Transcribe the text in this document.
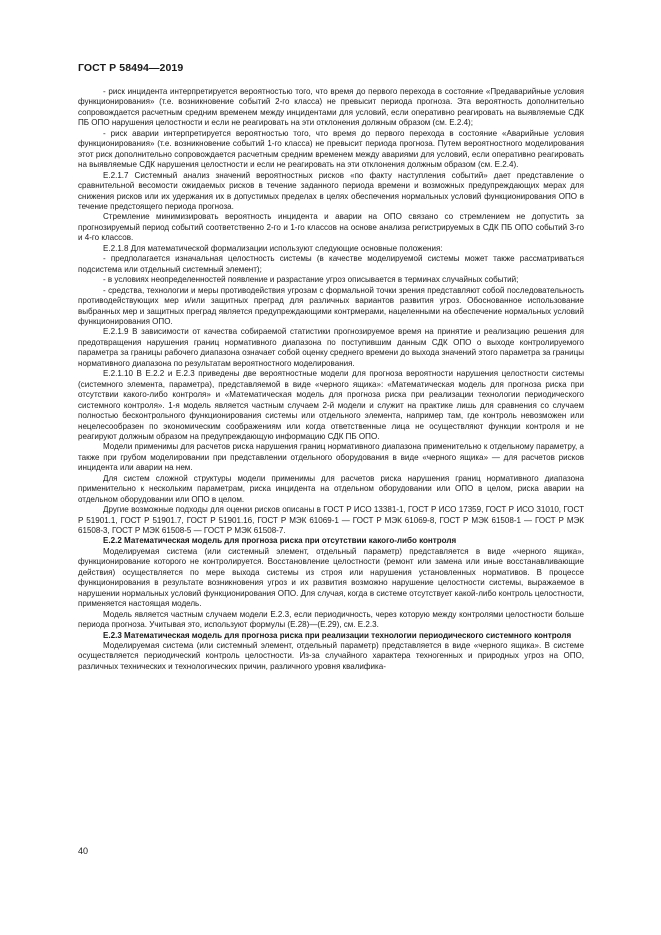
ГОСТ Р 58494—2019

- риск инцидента интерпретируется вероятностью того, что время до первого перехода в состояние «Предаварийные условия функционирования» (т.е. возникновение событий 2-го класса) не превысит периода прогноза. Эта вероятность дополнительно сопровождается расчетным средним временем между инцидентами для условий, если оперативно реагировать на выявляемые СДК ПБ ОПО нарушения целостности и если не реагировать на эти отклонения должным образом (см. Е.2.4);

- риск аварии интерпретируется вероятностью того, что время до первого перехода в состояние «Аварийные условия функционирования» (т.е. возникновение событий 1-го класса) не превысит периода прогноза. Путем вероятностного моделирования этот риск дополнительно сопровождается расчетным средним временем между авариями для условий, если оперативно реагировать на выявляемые СДК нарушения целостности и если не реагировать на эти отклонения должным образом (см. Е.2.4).

Е.2.1.7 Системный анализ значений вероятностных рисков «по факту наступления событий» дает представление о сравнительной весомости ожидаемых рисков в течение заданного периода времени и возможных предупреждающих мерах для снижения рисков или их удержания их в допустимых пределах в целях обеспечения нормальных условий функционирования ОПО в течение предстоящего периода прогноза.

Стремление минимизировать вероятность инцидента и аварии на ОПО связано со стремлением не допустить за прогнозируемый период событий соответственно 2-го и 1-го классов на основе анализа регистрируемых в СДК ПБ ОПО событий 3-го и 4-го классов.

Е.2.1.8 Для математической формализации используют следующие основные положения:

- предполагается изначальная целостность системы (в качестве моделируемой системы может также рассматриваться подсистема или отдельный системный элемент);

- в условиях неопределенностей появление и разрастание угроз описывается в терминах случайных событий;

- средства, технологии и меры противодействия угрозам с формальной точки зрения представляют собой последовательность противодействующих мер и/или защитных преград для различных вариантов развития угроз. Обоснованное использование выбранных мер и защитных преград является предупреждающими контрмерами, нацеленными на обеспечение нормальных условий функционирования ОПО.

Е.2.1.9 В зависимости от качества собираемой статистики прогнозируемое время на принятие и реализацию решения для предотвращения нарушения границ нормативного диапазона по поступившим данным СДК ОПО о выходе контролируемого параметра за границы рабочего диапазона означает собой оценку среднего времени до выхода значений этого параметра за границы нормативного диапазона по результатам вероятностного моделирования.

Е.2.1.10 В Е.2.2 и Е.2.3 приведены две вероятностные модели для прогноза вероятности нарушения целостности системы (системного элемента, параметра), представляемой в виде «черного ящика»: «Математическая модель для прогноза риска при отсутствии какого-либо контроля» и «Математическая модель для прогноза риска при реализации технологии периодического системного контроля». 1-я модель является частным случаем 2-й модели и служит на практике лишь для сравнения со случаем полностью бесконтрольного функционирования системы или отдельного элемента, например там, где контроль невозможен или нецелесообразен по экономическим соображениям или когда ответственные лица не осуществляют функции контроля и не реагируют должным образом на предупреждающую информацию СДК ПБ ОПО.

Модели применимы для расчетов риска нарушения границ нормативного диапазона применительно к отдельному параметру, а также при грубом моделировании при представлении отдельного оборудования в виде «черного ящика» — для расчетов рисков инцидента или аварии на нем.

Для систем сложной структуры модели применимы для расчетов риска нарушения границ нормативного диапазона применительно к нескольким параметрам, риска инцидента на отдельном оборудовании или ОПО в целом, риска аварии на отдельном оборудовании или ОПО в целом.

Другие возможные подходы для оценки рисков описаны в ГОСТ Р ИСО 13381-1, ГОСТ Р ИСО 17359, ГОСТ Р ИСО 31010, ГОСТ Р 51901.1, ГОСТ Р 51901.7, ГОСТ Р 51901.16, ГОСТ Р МЭК 61069-1 — ГОСТ Р МЭК 61069-8, ГОСТ Р МЭК 61508-1 — ГОСТ Р МЭК 61508-3, ГОСТ Р МЭК 61508-5 — ГОСТ Р МЭК 61508-7.

Е.2.2 Математическая модель для прогноза риска при отсутствии какого-либо контроля

Моделируемая система (или системный элемент, отдельный параметр) представляется в виде «черного ящика», функционирование которого не контролируется. Восстановление целостности (ремонт или замена или иные восстанавливающие действия) осуществляется по мере выхода системы из строя или нарушения установленных нормативов. В процессе функционирования в результате возникновения угроз и их развития возможно нарушение целостности системы, выражаемое в нарушении нормальных условий функционирования ОПО. Для случая, когда в системе отсутствует какой-либо контроль целостности, применяется настоящая модель.

Модель является частным случаем модели Е.2.3, если периодичность, через которую между контролями целостности больше периода прогноза. Учитывая это, используют формулы (Е.28)—(Е.29), см. Е.2.3.

Е.2.3 Математическая модель для прогноза риска при реализации технологии периодического системного контроля

Моделируемая система (или системный элемент, отдельный параметр) представляется в виде «черного ящика». В системе осуществляется периодический контроль целостности. Из-за случайного характера техногенных и природных угроз на ОПО, различных технических и технологических причин, различного уровня квалифика-

40
